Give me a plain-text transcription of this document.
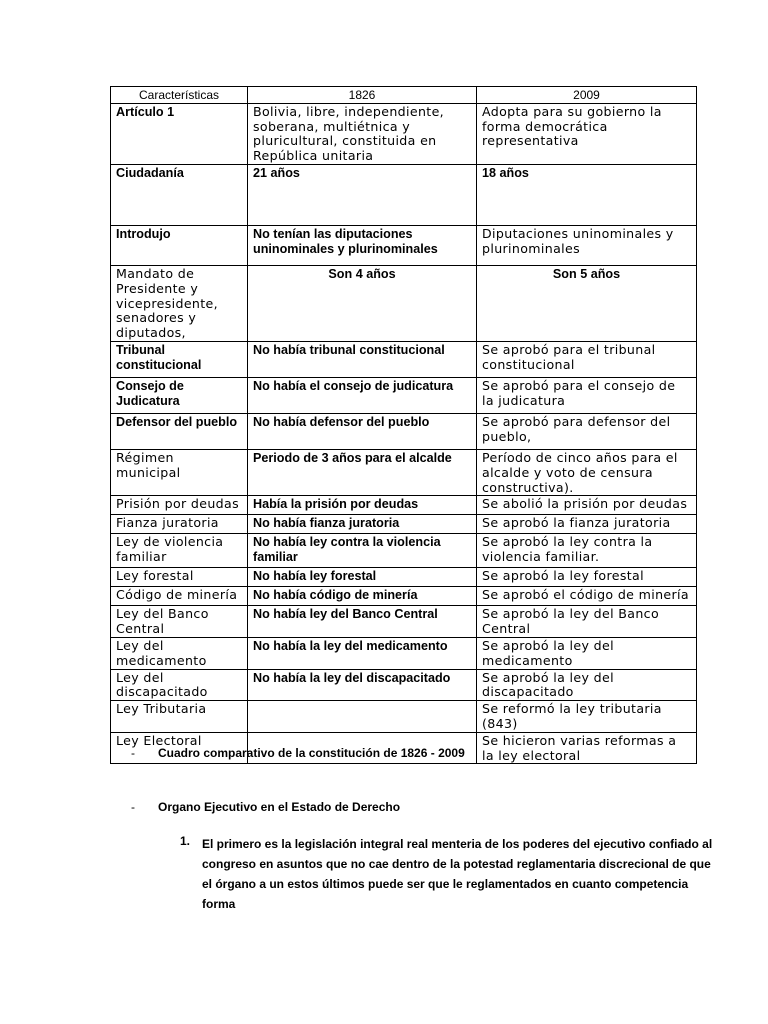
Características	1826	2009
Artículo 1	Bolivia, libre, independiente, soberana, multiétnica y pluricultural, constituida en República unitaria	Adopta para su gobierno la forma democrática representativa
Ciudadanía	21 años	18 años
Introdujo	No tenían las diputaciones uninominales y plurinominales	Diputaciones uninominales y plurinominales
Mandato de Presidente y vicepresidente, senadores y diputados,	Son 4 años	Son 5 años
Tribunal constitucional	No había tribunal constitucional	Se aprobó para el tribunal constitucional
Consejo de Judicatura	No había el consejo de judicatura	Se aprobó para el consejo de la judicatura
Defensor del pueblo	No había defensor del pueblo	Se aprobó para defensor del pueblo,
Régimen municipal	Periodo de 3 años para el alcalde	Período de cinco años para el alcalde y voto de censura constructiva).
Prisión por deudas	Había la prisión por deudas	Se abolió la prisión por deudas
Fianza juratoria	No había fianza juratoria	Se aprobó la fianza juratoria
Ley de violencia familiar	No había ley contra la violencia familiar	Se aprobó la ley contra la violencia familiar.
Ley forestal	No había ley forestal	Se aprobó la ley forestal
Código de minería	No había código de minería	Se aprobó el código de minería
Ley del Banco Central	No había ley del Banco Central	Se aprobó la ley del Banco Central
Ley del medicamento	No había la ley del medicamento	Se aprobó la ley del medicamento
Ley del discapacitado	No había la ley del discapacitado	Se aprobó la ley del discapacitado
Ley Tributaria		Se reformó la ley tributaria (843)
Ley Electoral		Se hicieron varias reformas a la ley electoral
- Cuadro comparativo de la constitución de 1826 - 2009
- Organo Ejecutivo en el Estado de Derecho
1. El primero es la legislación integral real menteria de los poderes del ejecutivo confiado al congreso en asuntos que no cae dentro de la potestad reglamentaria discrecional de que el órgano a un estos últimos puede ser que le reglamentados en cuanto competencia forma
